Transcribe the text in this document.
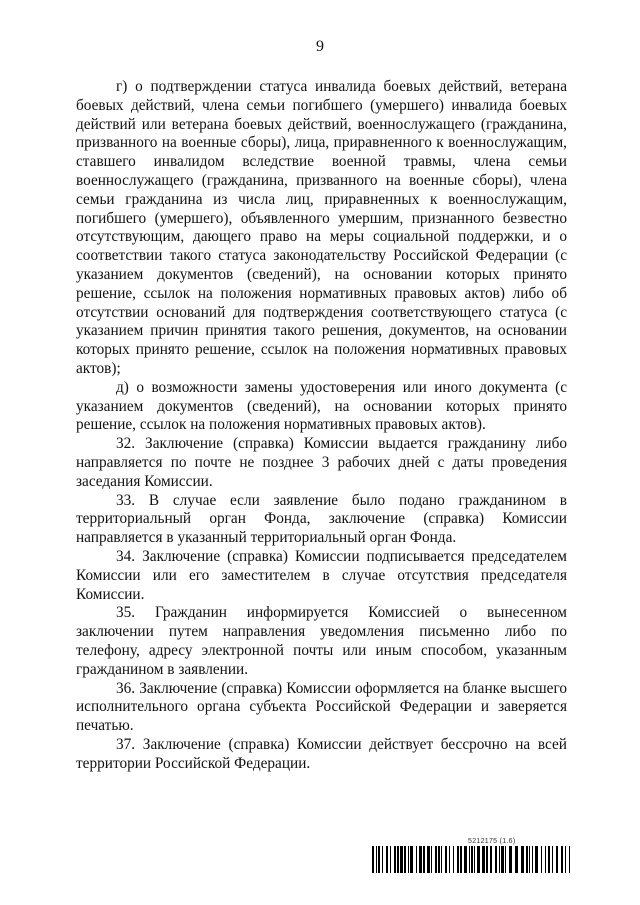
9

г) о подтверждении статуса инвалида боевых действий, ветерана боевых действий, члена семьи погибшего (умершего) инвалида боевых действий или ветерана боевых действий, военнослужащего (гражданина, призванного на военные сборы), лица, приравненного к военнослужащим, ставшего инвалидом вследствие военной травмы, члена семьи военнослужащего (гражданина, призванного на военные сборы), члена семьи гражданина из числа лиц, приравненных к военнослужащим, погибшего (умершего), объявленного умершим, признанного безвестно отсутствующим, дающего право на меры социальной поддержки, и о соответствии такого статуса законодательству Российской Федерации (с указанием документов (сведений), на основании которых принято решение, ссылок на положения нормативных правовых актов) либо об отсутствии оснований для подтверждения соответствующего статуса (с указанием причин принятия такого решения, документов, на основании которых принято решение, ссылок на положения нормативных правовых актов);

д) о возможности замены удостоверения или иного документа (с указанием документов (сведений), на основании которых принято решение, ссылок на положения нормативных правовых актов).

32. Заключение (справка) Комиссии выдается гражданину либо направляется по почте не позднее 3 рабочих дней с даты проведения заседания Комиссии.

33. В случае если заявление было подано гражданином в территориальный орган Фонда, заключение (справка) Комиссии направляется в указанный территориальный орган Фонда.

34. Заключение (справка) Комиссии подписывается председателем Комиссии или его заместителем в случае отсутствия председателя Комиссии.

35. Гражданин информируется Комиссией о вынесенном заключении путем направления уведомления письменно либо по телефону, адресу электронной почты или иным способом, указанным гражданином в заявлении.

36. Заключение (справка) Комиссии оформляется на бланке высшего исполнительного органа субъекта Российской Федерации и заверяется печатью.

37. Заключение (справка) Комиссии действует бессрочно на всей территории Российской Федерации.

5212175 (1.6)
